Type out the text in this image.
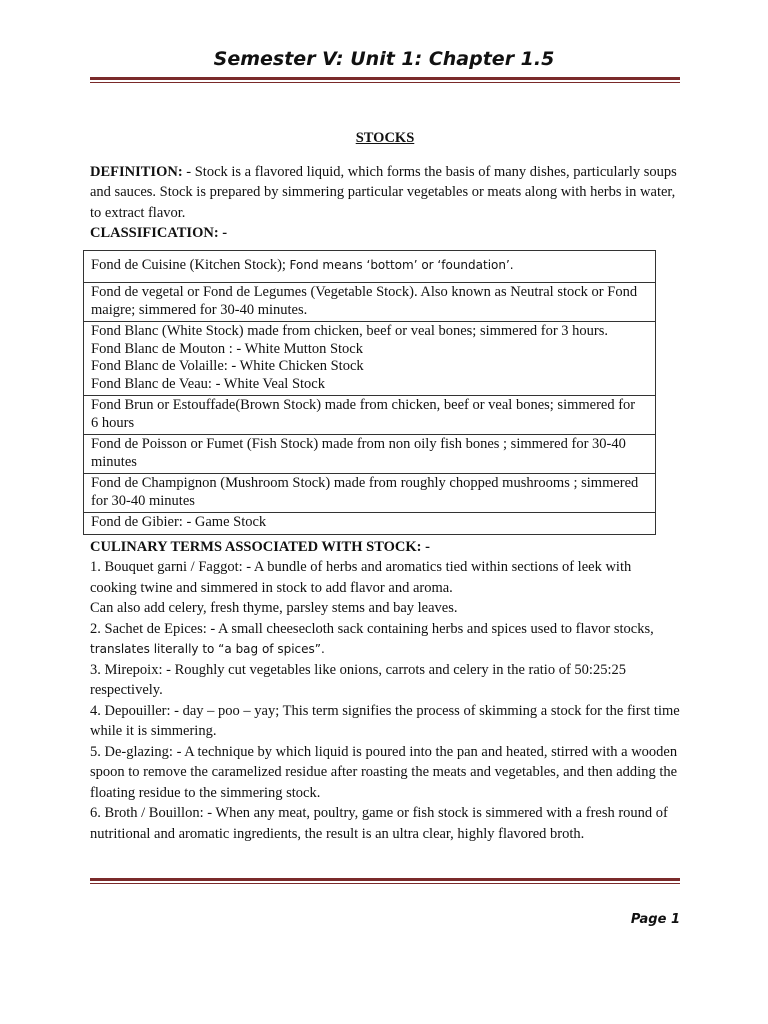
Semester V: Unit 1: Chapter 1.5

STOCKS

DEFINITION: - Stock is a flavored liquid, which forms the basis of many dishes, particularly soups and sauces. Stock is prepared by simmering particular vegetables or meats along with herbs in water, to extract flavor.

CLASSIFICATION: -

Fond de Cuisine (Kitchen Stock); Fond means ‘bottom’ or ‘foundation’.
Fond de vegetal or Fond de Legumes (Vegetable Stock). Also known as Neutral stock or Fond maigre; simmered for 30-40 minutes.
Fond Blanc (White Stock) made from chicken, beef or veal bones; simmered for 3 hours.
Fond Blanc de Mouton : - White Mutton Stock
Fond Blanc de Volaille: - White Chicken Stock
Fond Blanc de Veau: - White Veal Stock
Fond Brun or Estouffade(Brown Stock) made from chicken, beef or veal bones; simmered for 6 hours
Fond de Poisson or Fumet (Fish Stock) made from non oily fish bones ; simmered for 30-40 minutes
Fond de Champignon (Mushroom Stock) made from roughly chopped mushrooms ; simmered for 30-40 minutes
Fond de Gibier: - Game Stock

CULINARY TERMS ASSOCIATED WITH STOCK: -

1. Bouquet garni / Faggot: - A bundle of herbs and aromatics tied within sections of leek with cooking twine and simmered in stock to add flavor and aroma.

Can also add celery, fresh thyme, parsley stems and bay leaves.

2. Sachet de Epices: - A small cheesecloth sack containing herbs and spices used to flavor stocks, translates literally to “a bag of spices”.

3. Mirepoix: - Roughly cut vegetables like onions, carrots and celery in the ratio of 50:25:25 respectively.

4. Depouiller: - day – poo – yay; This term signifies the process of skimming a stock for the first time while it is simmering.

5. De-glazing: - A technique by which liquid is poured into the pan and heated, stirred with a wooden spoon to remove the caramelized residue after roasting the meats and vegetables, and then adding the floating residue to the simmering stock.

6. Broth / Bouillon: - When any meat, poultry, game or fish stock is simmered with a fresh round of nutritional and aromatic ingredients, the result is an ultra clear, highly flavored broth.

Page 1
